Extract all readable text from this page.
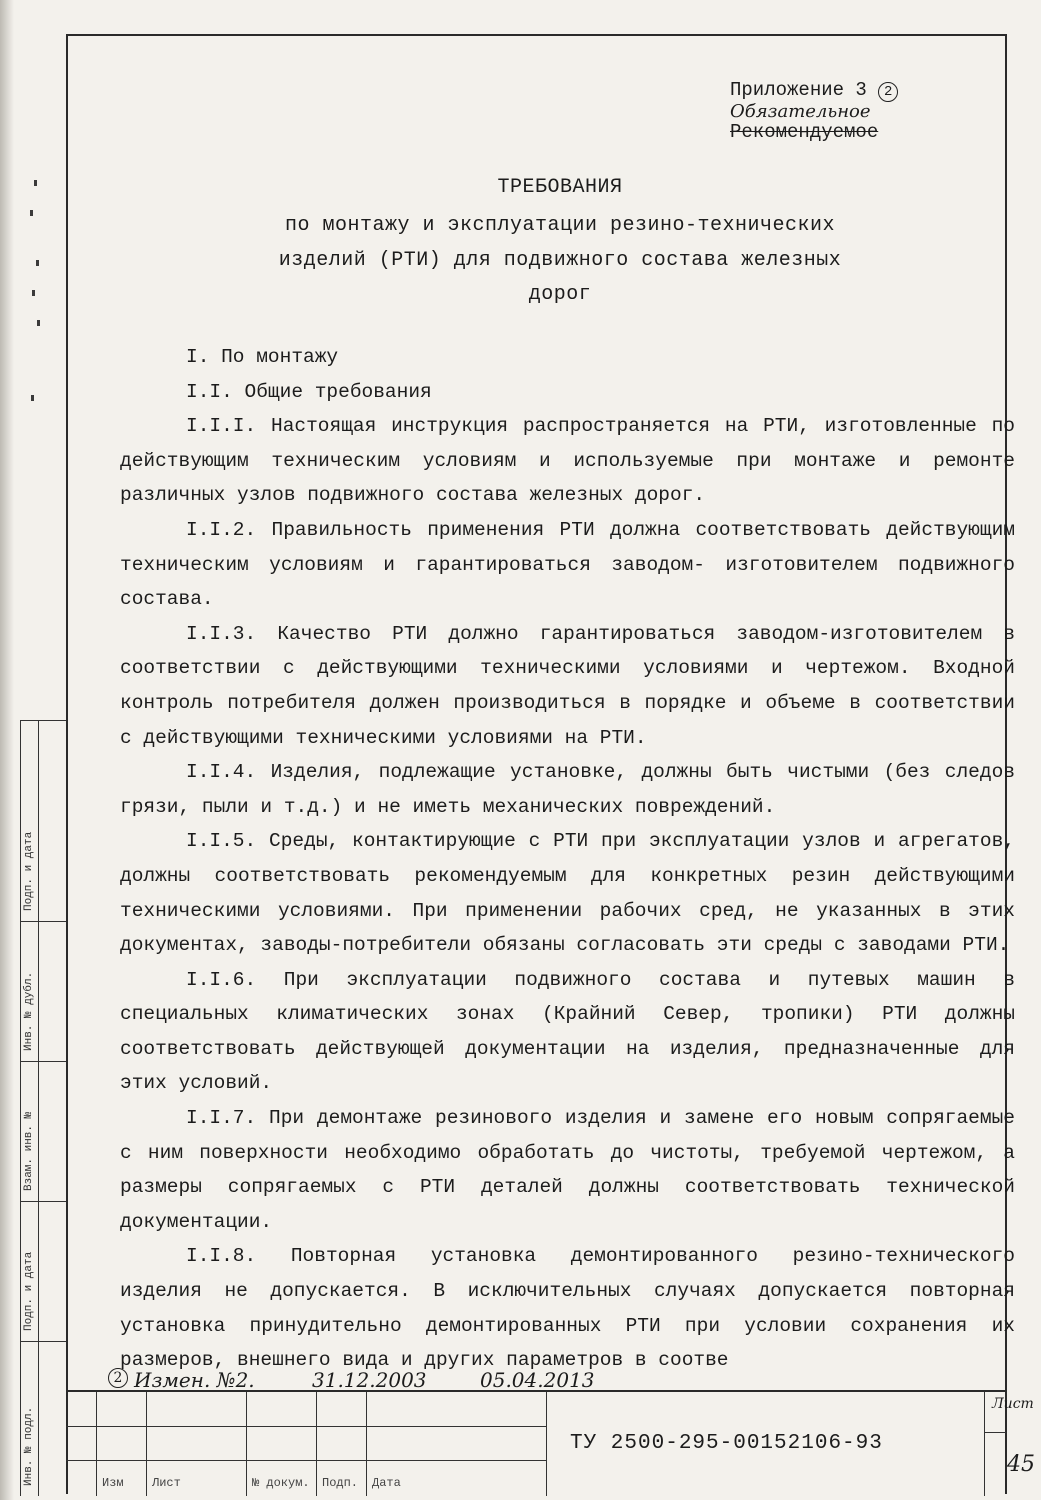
Приложение 3 2
Обязательное
Рекомендуемое
ТРЕБОВАНИЯ
по монтажу и эксплуатации резино-технических
изделий (РТИ) для подвижного состава железных
дорог

I. По монтажу

I.I. Общие требования

I.I.I. Настоящая инструкция распространяется на РТИ, изготовленные по действующим техническим условиям и используемые при монтаже и ремонте различных узлов подвижного состава железных дорог.

I.I.2. Правильность применения РТИ должна соответствовать действующим техническим условиям и гарантироваться заводом- изготовителем подвижного состава.

I.I.3. Качество РТИ должно гарантироваться заводом-изготовителем в соответствии с действующими техническими условиями и чертежом. Входной контроль потребителя должен производиться в порядке и объеме в соответствии с действующими техническими условиями на РТИ.

I.I.4. Изделия, подлежащие установке, должны быть чистыми (без следов грязи, пыли и т.д.) и не иметь механических повреждений.

I.I.5. Среды, контактирующие с РТИ при эксплуатации узлов и агрегатов, должны соответствовать рекомендуемым для конкретных резин действующими техническими условиями. При применении рабочих сред, не указанных в этих документах, заводы-потребители обязаны согласовать эти среды с заводами РТИ.

I.I.6. При эксплуатации подвижного состава и путевых машин в специальных климатических зонах (Крайний Север, тропики) РТИ должны соответствовать действующей документации на изделия, предназначенные для этих условий.

I.I.7. При демонтаже резинового изделия и замене его новым сопрягаемые с ним поверхности необходимо обработать до чистоты, требуемой чертежом, а размеры сопрягаемых с РТИ деталей должны соответствовать технической документации.

I.I.8. Повторная установка демонтированного резино-технического изделия не допускается. В исключительных случаях допускается повторная установка принудительно демонтированных РТИ при условии сохранения их размеров, внешнего вида и других параметров в соотве

Подп. и дата
Инв. № дубл.
Взам. инв. №
Подп. и дата
Инв. № подл.
2 Измен. №2.	31.12.2003	05.04.2013
Изм Лист	№ докум. Подп. Дата
ТУ 2500-295-00152106-93
Лист
45
